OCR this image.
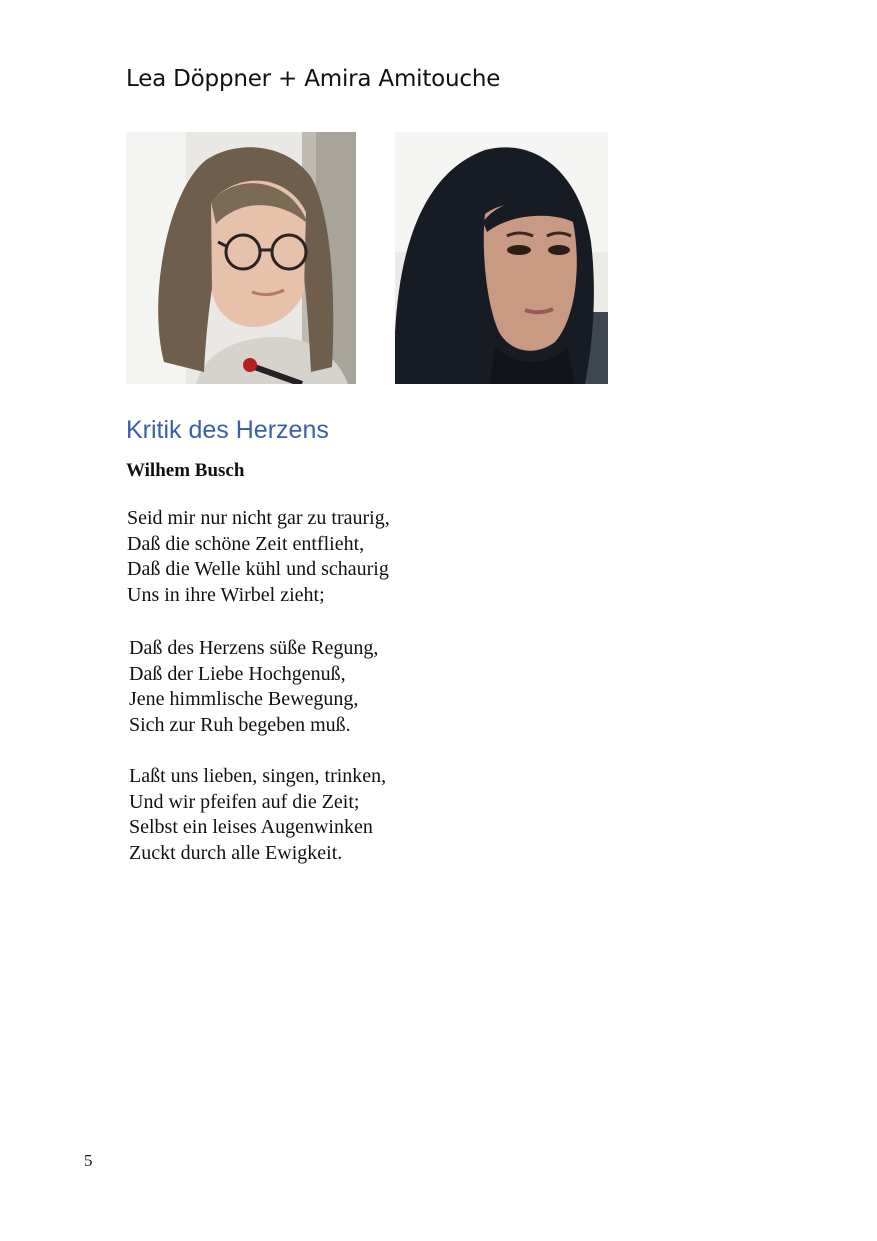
Lea Döppner + Amira Amitouche
Kritik des Herzens

Wilhem Busch

Seid mir nur nicht gar zu traurig,
Daß die schöne Zeit entflieht,
Daß die Welle kühl und schaurig
Uns in ihre Wirbel zieht;

Daß des Herzens süße Regung,
Daß der Liebe Hochgenuß,
Jene himmlische Bewegung,
Sich zur Ruh begeben muß.

Laßt uns lieben, singen, trinken,
Und wir pfeifen auf die Zeit;
Selbst ein leises Augenwinken
Zuckt durch alle Ewigkeit.

5
